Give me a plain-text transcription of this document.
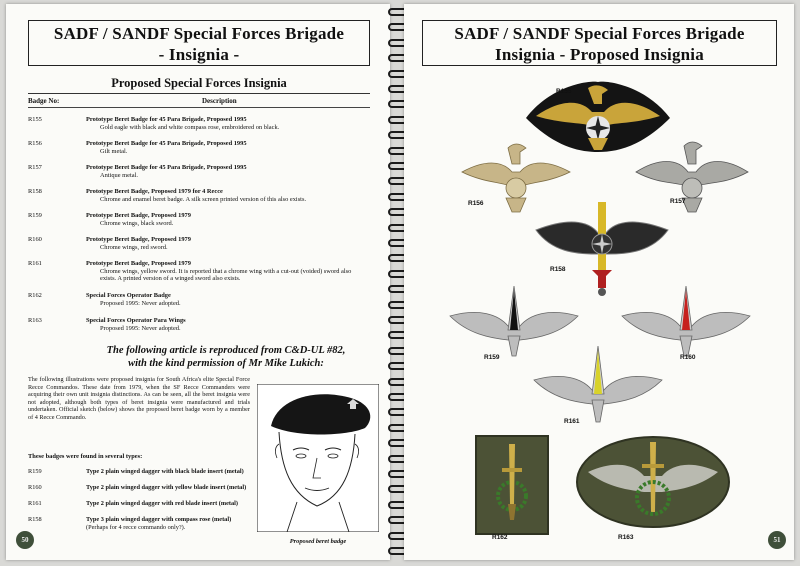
SADF / SANDF Special Forces Brigade
- Insignia -
Proposed Special Forces Insignia
Badge No:	Description
R155	Prototype Beret Badge for 45 Para Brigade, Proposed 1995
Gold eagle with black and white compass rose, embroidered on black.
R156	Prototype Beret Badge for 45 Para Brigade, Proposed 1995
Gilt metal.
R157	Prototype Beret Badge for 45 Para Brigade, Proposed 1995
Antique metal.
R158	Prototype Beret Badge, Proposed 1979 for 4 Recce
Chrome and enamel beret badge. A silk screen printed version of this also exists.
R159	Prototype Beret Badge, Proposed 1979
Chrome wings, black sword.
R160	Prototype Beret Badge, Proposed 1979
Chrome wings, red sword.
R161	Prototype Beret Badge, Proposed 1979
Chrome wings, yellow sword. It is reported that a chrome wing with a cut-out (voided) sword also exists. A printed version of a winged sword also exists.
R162	Special Forces Operator Badge
Proposed 1995: Never adopted.
R163	Special Forces Operator Para Wings
Proposed 1995: Never adopted.
The following article is reproduced from C&D-UL #82,
with the kind permission of Mr Mike Lukich:
The following illustrations were proposed insignia for South Africa's elite Special Force Recce Commandos. These date from 1979, when the SF Recce Commanders were acquiring their own unit insignia distinctions. As can be seen, all the beret insignia were not adopted, although both types of beret insignia were manufactured and trials undertaken. Official sketch (below) shows the proposed beret badge worn by a member of 4 Recce Commando.
These badges were found in several types:
R159	Type 2 plain winged dagger with black blade insert (metal)
R160	Type 2 plain winged dagger with yellow blade insert (metal)
R161	Type 2 plain winged dagger with red blade insert (metal)
R158	Type 3 plain winged dagger with compass rose (metal)
(Perhaps for 4 recce commando only?).
Proposed beret badge
50
SADF / SANDF Special Forces Brigade
Insignia - Proposed Insignia
R155
R156	R157
R158
R159	R160
R161
R162	R163	51
